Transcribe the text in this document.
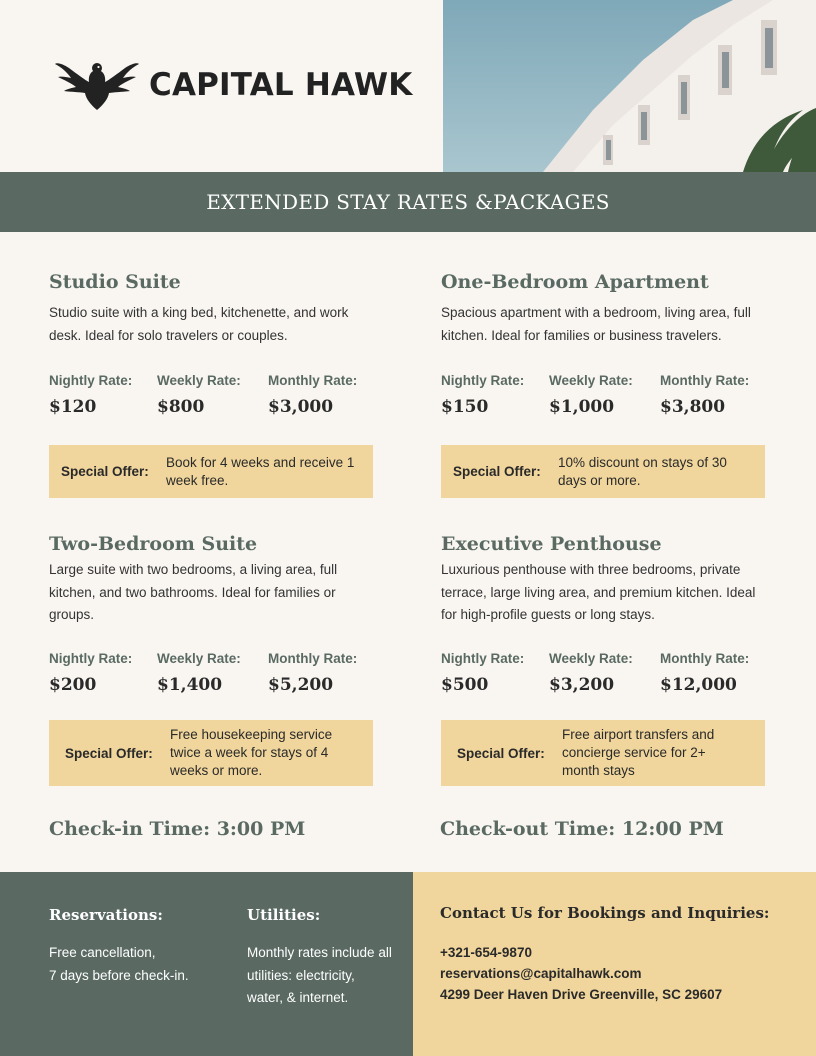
CAPITAL HAWK
EXTENDED STAY RATES &PACKAGES
Studio Suite
Studio suite with a king bed, kitchenette, and work desk. Ideal for solo travelers or couples.
Nightly Rate: Weekly Rate: Monthly Rate:
$120	$800	$3,000
Special Offer:
Book for 4 weeks and receive 1 week free.
One-Bedroom Apartment
Spacious apartment with a bedroom, living area, full kitchen. Ideal for families or business travelers.
Nightly Rate: Weekly Rate: Monthly Rate:
$150	$1,000	$3,800
Special Offer:
10% discount on stays of 30 days or more.
Two-Bedroom Suite
Large suite with two bedrooms, a living area, full kitchen, and two bathrooms. Ideal for families or groups.
Nightly Rate: Weekly Rate: Monthly Rate:
$200	$1,400	$5,200
Special Offer:
Free housekeeping service twice a week for stays of 4 weeks or more.
Executive Penthouse
Luxurious penthouse with three bedrooms, private terrace, large living area, and premium kitchen. Ideal for high-profile guests or long stays.
Nightly Rate: Weekly Rate: Monthly Rate:
$500	$3,200	$12,000
Special Offer:
Free airport transfers and concierge service for 2+ month stays
Check-in Time: 3:00 PM	Check-out Time: 12:00 PM
Reservations:
Free cancellation,
7 days before check-in.
Utilities:
Monthly rates include all utilities: electricity, water, & internet.
Contact Us for Bookings and Inquiries:
+321-654-9870
reservations@capitalhawk.com
4299 Deer Haven Drive Greenville, SC 29607
